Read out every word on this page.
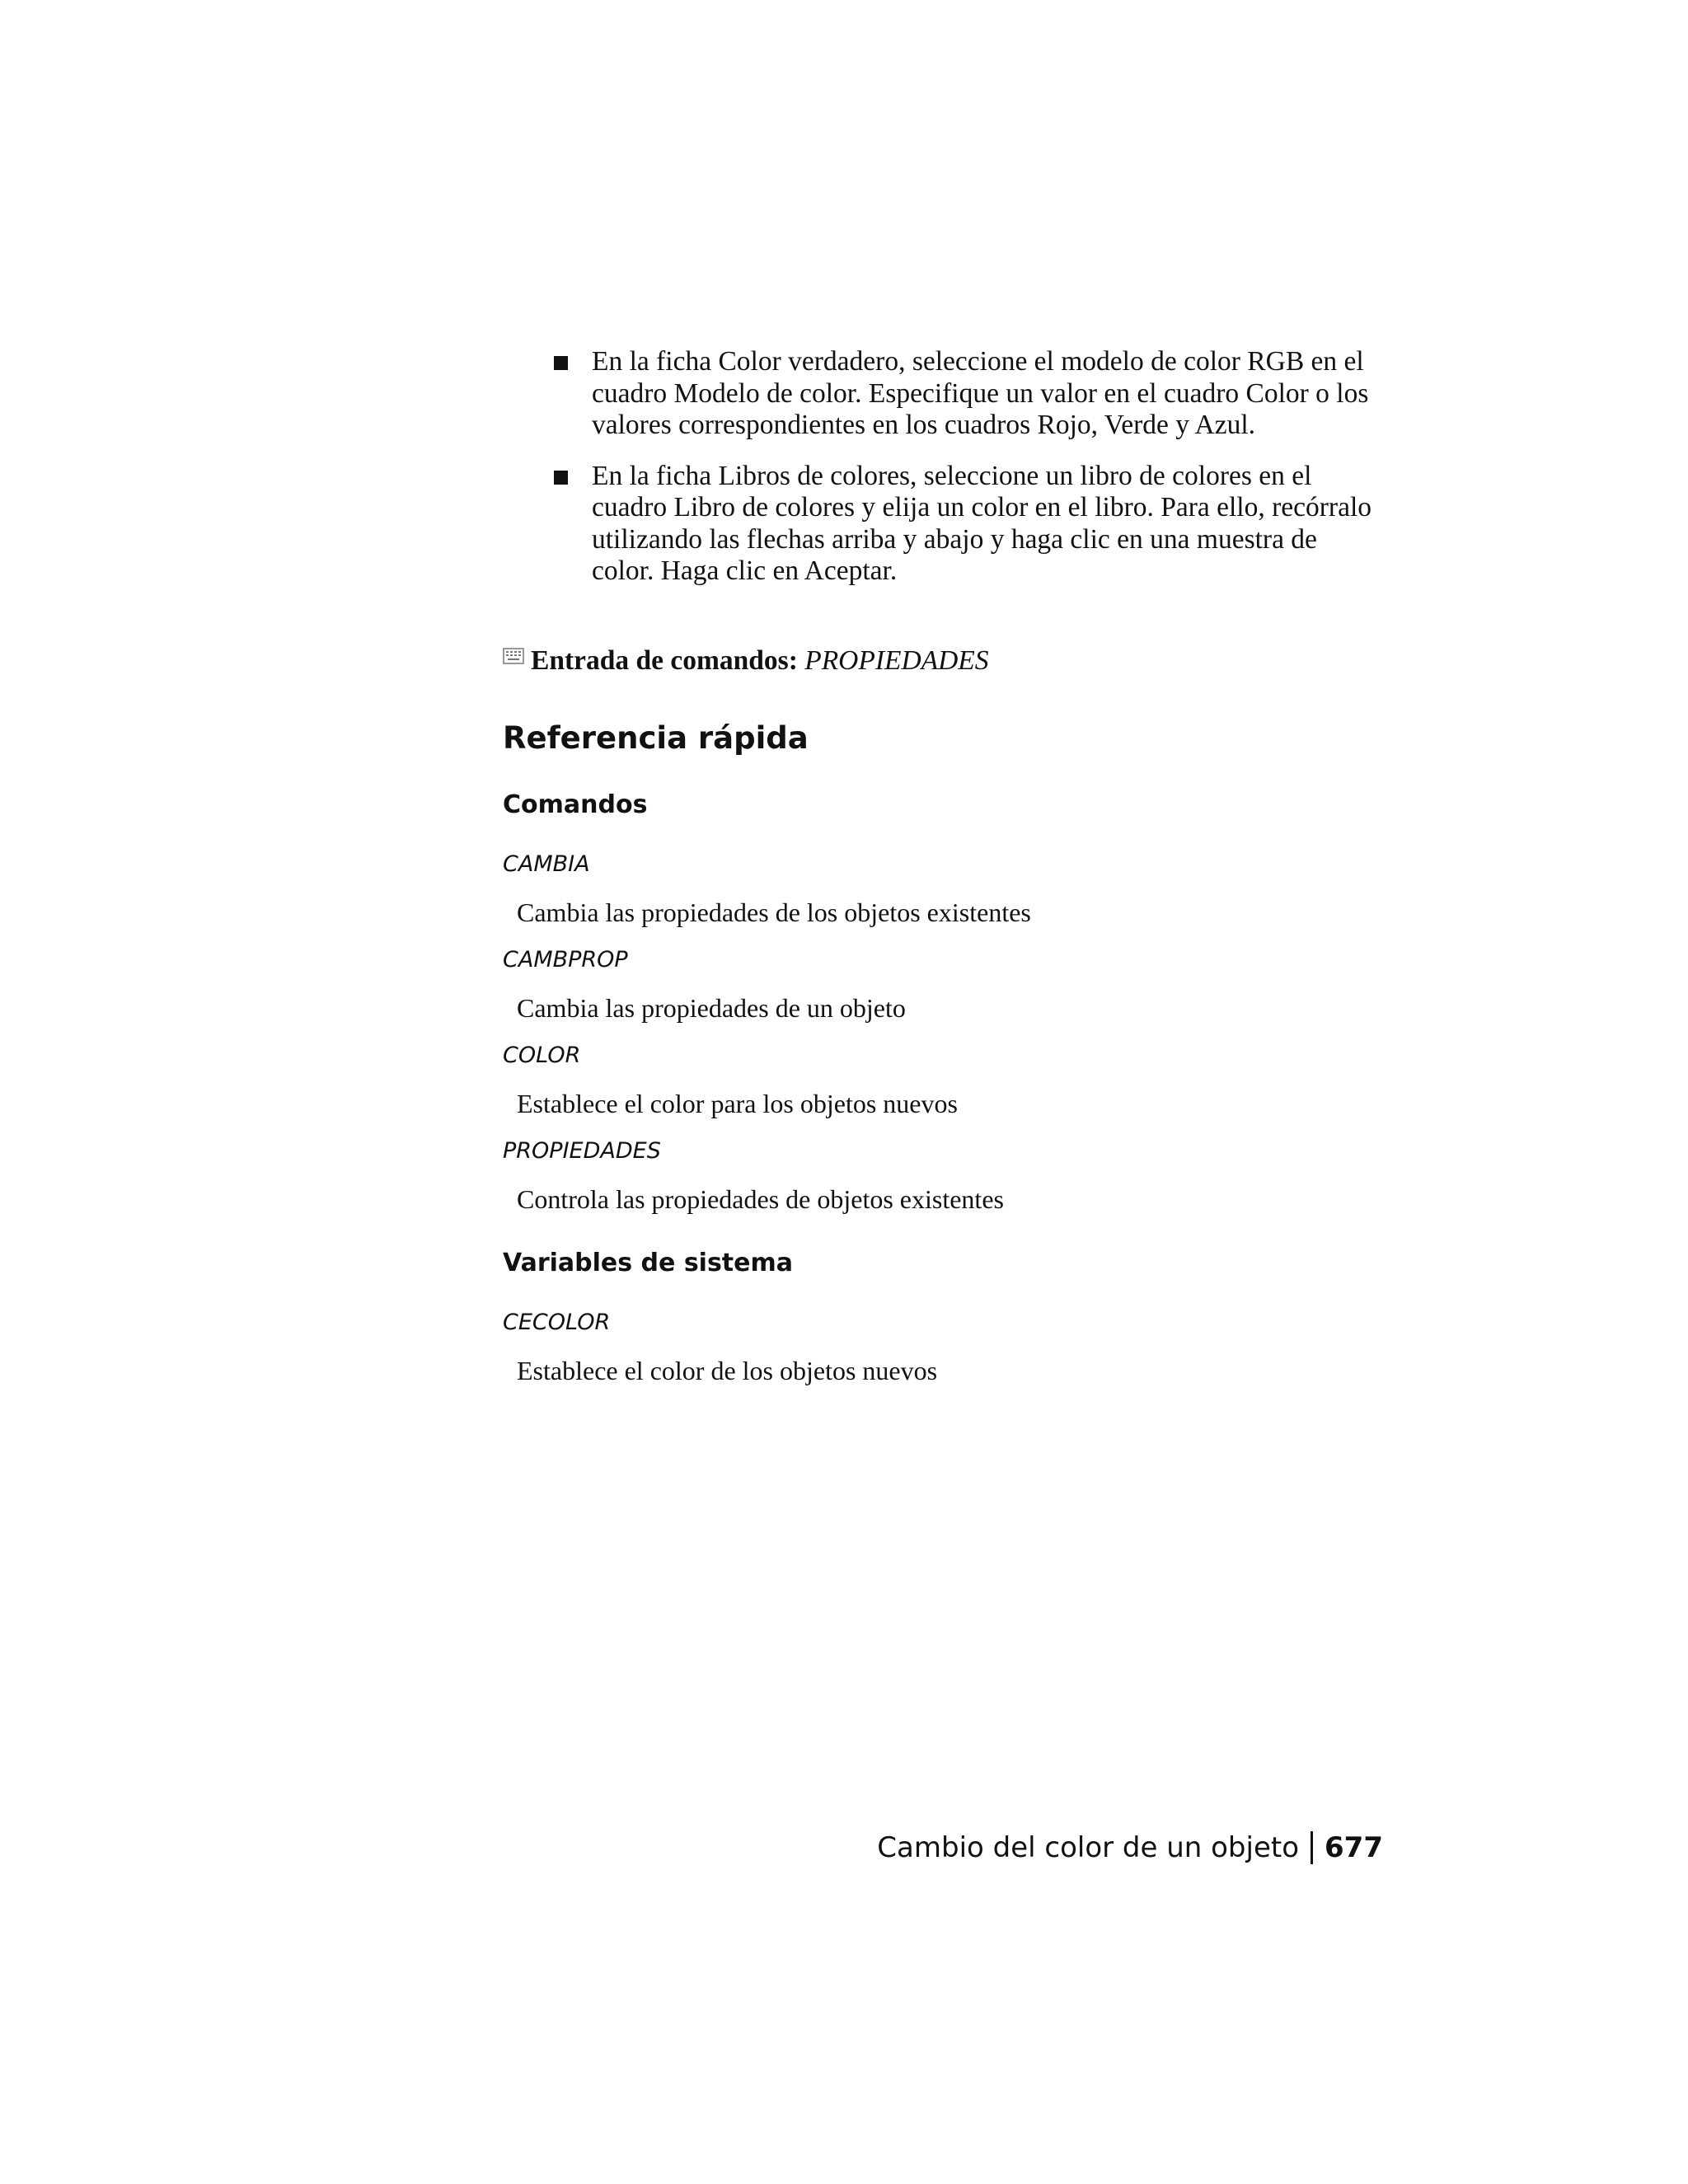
En la ficha Color verdadero, seleccione el modelo de color RGB en el cuadro Modelo de color. Especifique un valor en el cuadro Color o los valores correspondientes en los cuadros Rojo, Verde y Azul.
En la ficha Libros de colores, seleccione un libro de colores en el cuadro Libro de colores y elija un color en el libro. Para ello, recórralo utilizando las flechas arriba y abajo y haga clic en una muestra de color. Haga clic en Aceptar.
Entrada de comandos: PROPIEDADES
Referencia rápida
Comandos
CAMBIA
Cambia las propiedades de los objetos existentes
CAMBPROP
Cambia las propiedades de un objeto
COLOR
Establece el color para los objetos nuevos
PROPIEDADES
Controla las propiedades de objetos existentes
Variables de sistema
CECOLOR
Establece el color de los objetos nuevos
Cambio del color de un objeto 677
